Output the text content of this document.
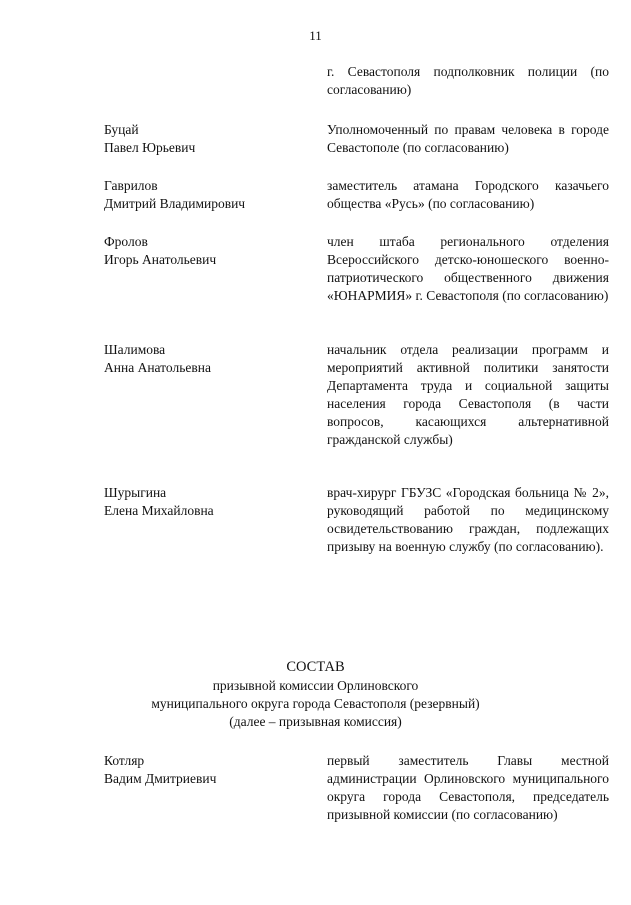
11
г. Севастополя подполковник полиции (по согласованию)
Буцай
Павел Юрьевич
Уполномоченный по правам человека в городе Севастополе (по согласованию)
Гаврилов
Дмитрий Владимирович
заместитель атамана Городского казачьего общества «Русь» (по согласованию)
Фролов
Игорь Анатольевич
член штаба регионального отделения Всероссийского детско-юношеского военно-патриотического общественного движения «ЮНАРМИЯ» г. Севастополя (по согласованию)
Шалимова
Анна Анатольевна
начальник отдела реализации программ и мероприятий активной политики занятости Департамента труда и социальной защиты населения города Севастополя (в части вопросов, касающихся альтернативной гражданской службы)
Шурыгина
Елена Михайловна
врач-хирург ГБУЗС «Городская больница № 2», руководящий работой по медицинскому освидетельствованию граждан, подлежащих призыву на военную службу (по согласованию).
СОСТАВ
призывной комиссии Орлиновского
муниципального округа города Севастополя (резервный)
(далее – призывная комиссия)
Котляр
Вадим Дмитриевич
первый заместитель Главы местной администрации Орлиновского муниципального округа города Севастополя, председатель призывной комиссии (по согласованию)
